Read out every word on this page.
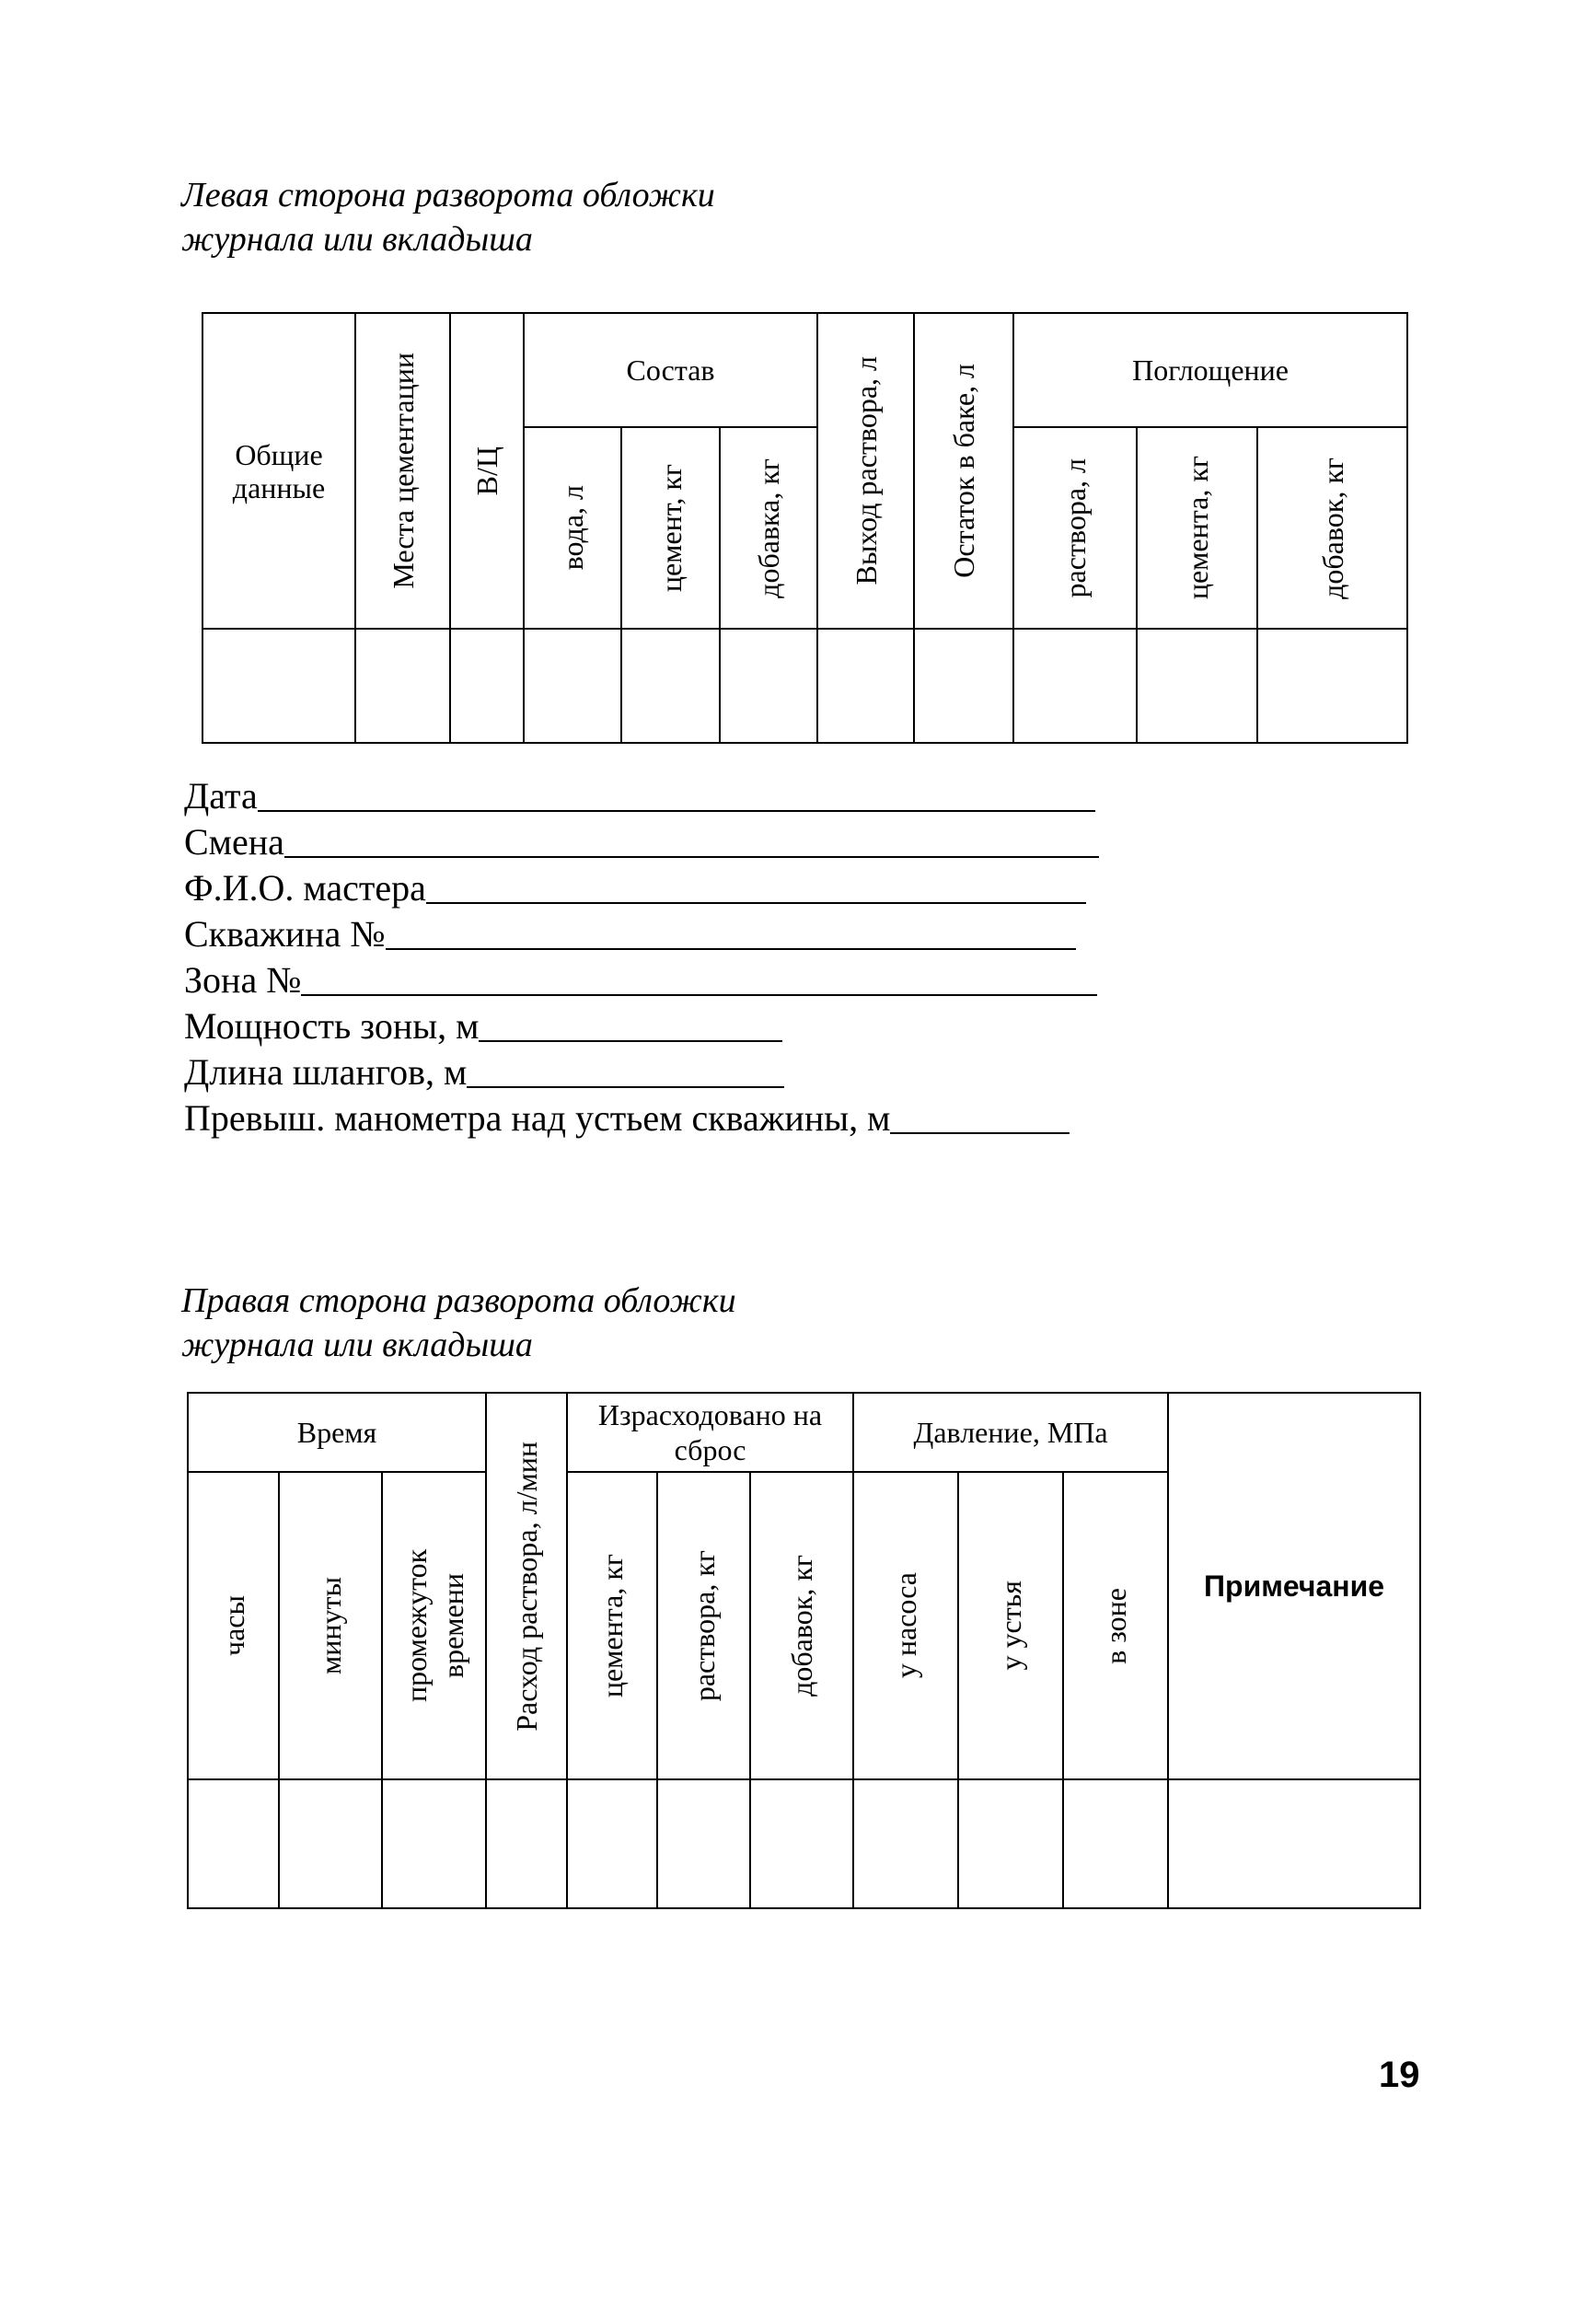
Левая сторона разворота обложки
журнала или вкладыша
Общие данные	Места цементации	В/Ц	Состав			Выход раствора, л	Остаток в баке, л	Поглощение		

			вода, л	цемент, кг	добавка, кг			раствора, л	цемента, кг	добавок, кг

Дата
Смена
Ф.И.О. мастера
Скважина №
Зона №
Мощность зоны, м
Длина шлангов, м
Превыш. манометра над устьем скважины, м
Правая сторона разворота обложки
журнала или вкладыша
Время			Расход раствора, л/мин	Израсходовано на сброс			Давление, МПа			Примечание

часы	минуты	промежуток времени		цемента, кг	раствора, кг	добавок, кг	у насоса	у устья	в зоне	

19
